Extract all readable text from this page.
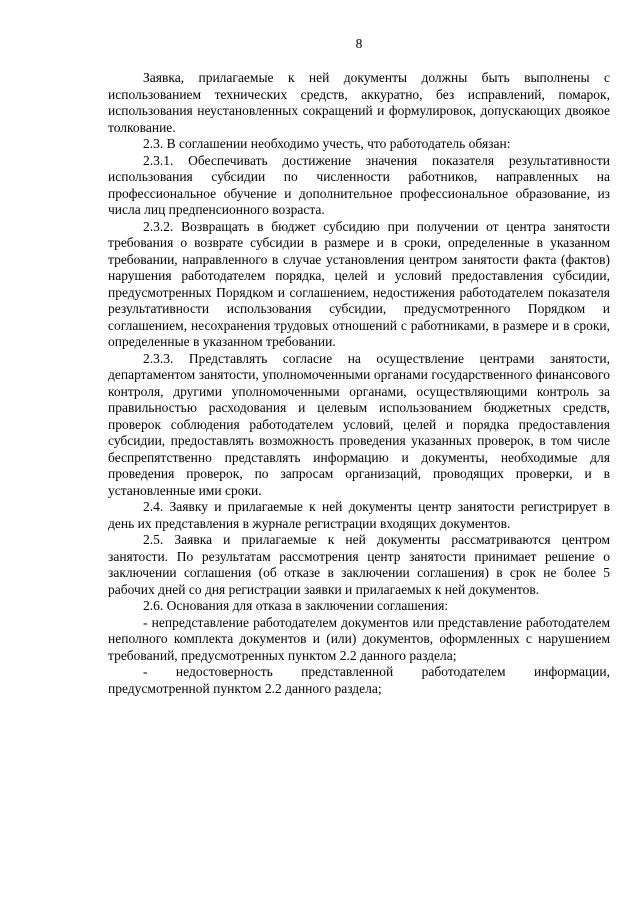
8

Заявка, прилагаемые к ней документы должны быть выполнены с использованием технических средств, аккуратно, без исправлений, помарок, использования неустановленных сокращений и формулировок, допускающих двоякое толкование.

2.3. В соглашении необходимо учесть, что работодатель обязан:

2.3.1. Обеспечивать достижение значения показателя результативности использования субсидии по численности работников, направленных на профессиональное обучение и дополнительное профессиональное образование, из числа лиц предпенсионного возраста.

2.3.2. Возвращать в бюджет субсидию при получении от центра занятости требования о возврате субсидии в размере и в сроки, определенные в указанном требовании, направленного в случае установления центром занятости факта (фактов) нарушения работодателем порядка, целей и условий предоставления субсидии, предусмотренных Порядком и соглашением, недостижения работодателем показателя результативности использования субсидии, предусмотренного Порядком и соглашением, несохранения трудовых отношений с работниками, в размере и в сроки, определенные в указанном требовании.

2.3.3. Представлять согласие на осуществление центрами занятости, департаментом занятости, уполномоченными органами государственного финансового контроля, другими уполномоченными органами, осуществляющими контроль за правильностью расходования и целевым использованием бюджетных средств, проверок соблюдения работодателем условий, целей и порядка предоставления субсидии, предоставлять возможность проведения указанных проверок, в том числе беспрепятственно представлять информацию и документы, необходимые для проведения проверок, по запросам организаций, проводящих проверки, и в установленные ими сроки.

2.4. Заявку и прилагаемые к ней документы центр занятости регистрирует в день их представления в журнале регистрации входящих документов.

2.5. Заявка и прилагаемые к ней документы рассматриваются центром занятости. По результатам рассмотрения центр занятости принимает решение о заключении соглашения (об отказе в заключении соглашения) в срок не более 5 рабочих дней со дня регистрации заявки и прилагаемых к ней документов.

2.6. Основания для отказа в заключении соглашения:

- непредставление работодателем документов или представление работодателем неполного комплекта документов и (или) документов, оформленных с нарушением требований, предусмотренных пунктом 2.2 данного раздела;

- недостоверность представленной работодателем информации, предусмотренной пунктом 2.2 данного раздела;
